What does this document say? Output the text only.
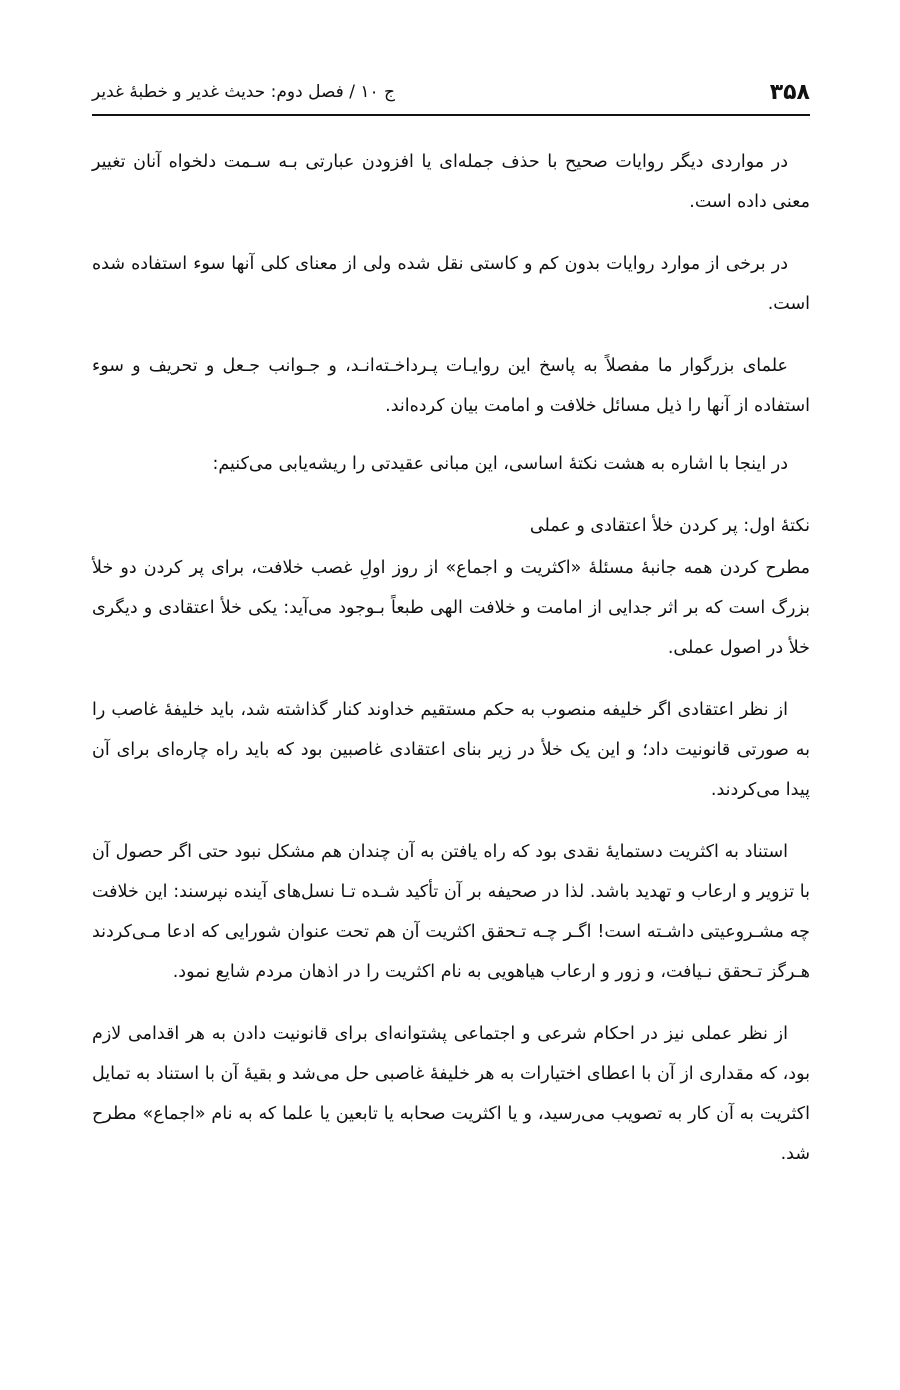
۳۵۸
ج ۱۰ / فصل دوم: حدیث غدیر و خطبهٔ غدیر

در مواردی دیگر روایات صحیح با حذف جمله‌ای یا افزودن عبارتی بـه سـمت دلخواه آنان تغییر معنی داده است.

در برخی از موارد روایات بدون کم و کاستی نقل شده ولی از معنای کلی آنها سوء استفاده شده است.

علمای بزرگوار ما مفصلاً به پاسخ این روایـات پـرداخـته‌انـد، و جـوانب جـعل و تحریف و سوء استفاده از آنها را ذیل مسائل خلافت و امامت بیان کرده‌اند.

در اینجا با اشاره به هشت نکتهٔ اساسی، این مبانی عقیدتی را ریشه‌یابی می‌کنیم:

نکتهٔ اول: پر کردن خلأ اعتقادی و عملی

مطرح کردن همه جانبهٔ مسئلهٔ «اکثریت و اجماع» از روز اولِ غصب خلافت، برای پر کردن دو خلأ بزرگ است که بر اثر جدایی از امامت و خلافت الهی طبعاً بـوجود می‌آید: یکی خلأ اعتقادی و دیگری خلأ در اصول عملی.

از نظر اعتقادی اگر خلیفه منصوب به حکم مستقیم خداوند کنار گذاشته شد، باید خلیفهٔ غاصب را به صورتی قانونیت داد؛ و این یک خلأ در زیر بنای اعتقادی غاصبین بود که باید راه چاره‌ای برای آن پیدا می‌کردند.

استناد به اکثریت دستمایهٔ نقدی بود که راه یافتن به آن چندان هم مشکل نبود حتی اگر حصول آن با تزویر و ارعاب و تهدید باشد. لذا در صحیفه بر آن تأکید شـده تـا نسل‌های آینده نپرسند: این خلافت چه مشـروعیتی داشـته است! اگـر چـه تـحقق اکثریت آن هم تحت عنوان شورایی که ادعا مـی‌کردند هـرگز تـحقق نـیافت، و زور و ارعاب هیاهویی به نام اکثریت را در اذهان مردم شایع نمود.

از نظر عملی نیز در احکام شرعی و اجتماعی پشتوانه‌ای برای قانونیت دادن به هر اقدامی لازم بود، که مقداری از آن با اعطای اختیارات به هر خلیفهٔ غاصبی حل می‌شد و بقیهٔ آن با استناد به تمایل اکثریت به آن کار به تصویب می‌رسید، و یا اکثریت صحابه یا تابعین یا علما که به نام «اجماع» مطرح شد.
